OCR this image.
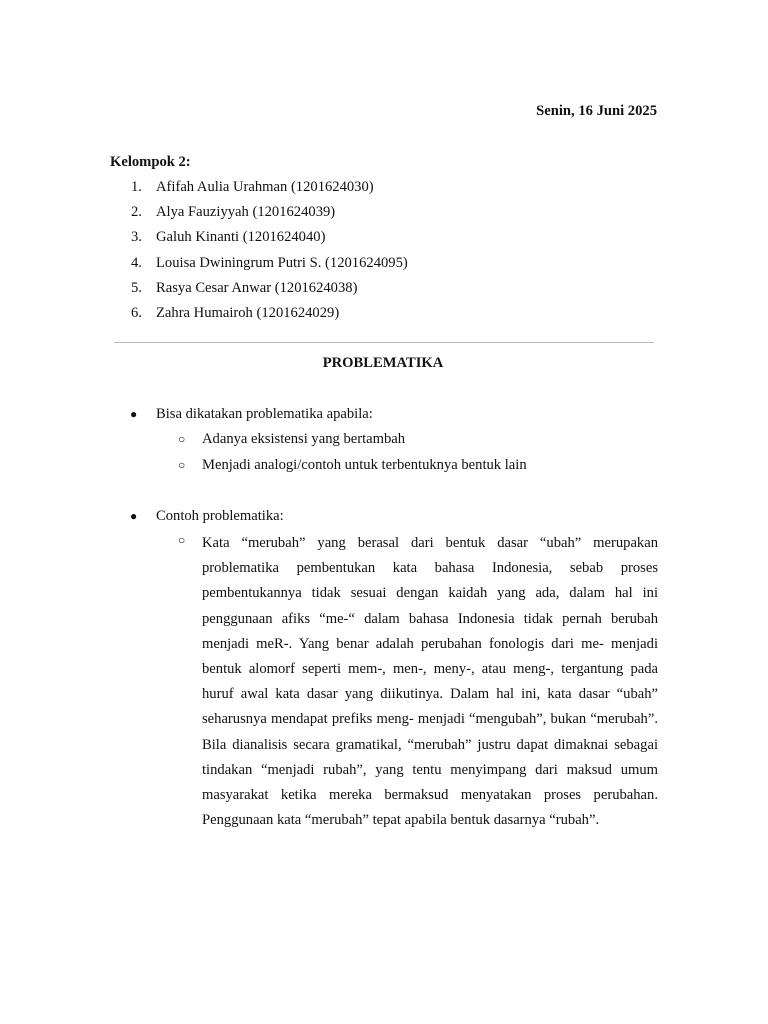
Senin, 16 Juni 2025
Kelompok 2:
1. Afifah Aulia Urahman (1201624030)
2. Alya Fauziyyah (1201624039)
3. Galuh Kinanti (1201624040)
4. Louisa Dwiningrum Putri S. (1201624095)
5. Rasya Cesar Anwar (1201624038)
6. Zahra Humairoh (1201624029)
PROBLEMATIKA
● Bisa dikatakan problematika apabila:
○ Adanya eksistensi yang bertambah
○ Menjadi analogi/contoh untuk terbentuknya bentuk lain
● Contoh problematika:
○ Kata “merubah” yang berasal dari bentuk dasar “ubah” merupakan problematika pembentukan kata bahasa Indonesia, sebab proses pembentukannya tidak sesuai dengan kaidah yang ada, dalam hal ini penggunaan afiks “me-“ dalam bahasa Indonesia tidak pernah berubah menjadi meR-. Yang benar adalah perubahan fonologis dari me- menjadi bentuk alomorf seperti mem-, men-, meny-, atau meng-, tergantung pada huruf awal kata dasar yang diikutinya. Dalam hal ini, kata dasar “ubah” seharusnya mendapat prefiks meng- menjadi “mengubah”, bukan “merubah”. Bila dianalisis secara gramatikal, “merubah” justru dapat dimaknai sebagai tindakan “menjadi rubah”, yang tentu menyimpang dari maksud umum masyarakat ketika mereka bermaksud menyatakan proses perubahan. Penggunaan kata “merubah” tepat apabila bentuk dasarnya “rubah”.
